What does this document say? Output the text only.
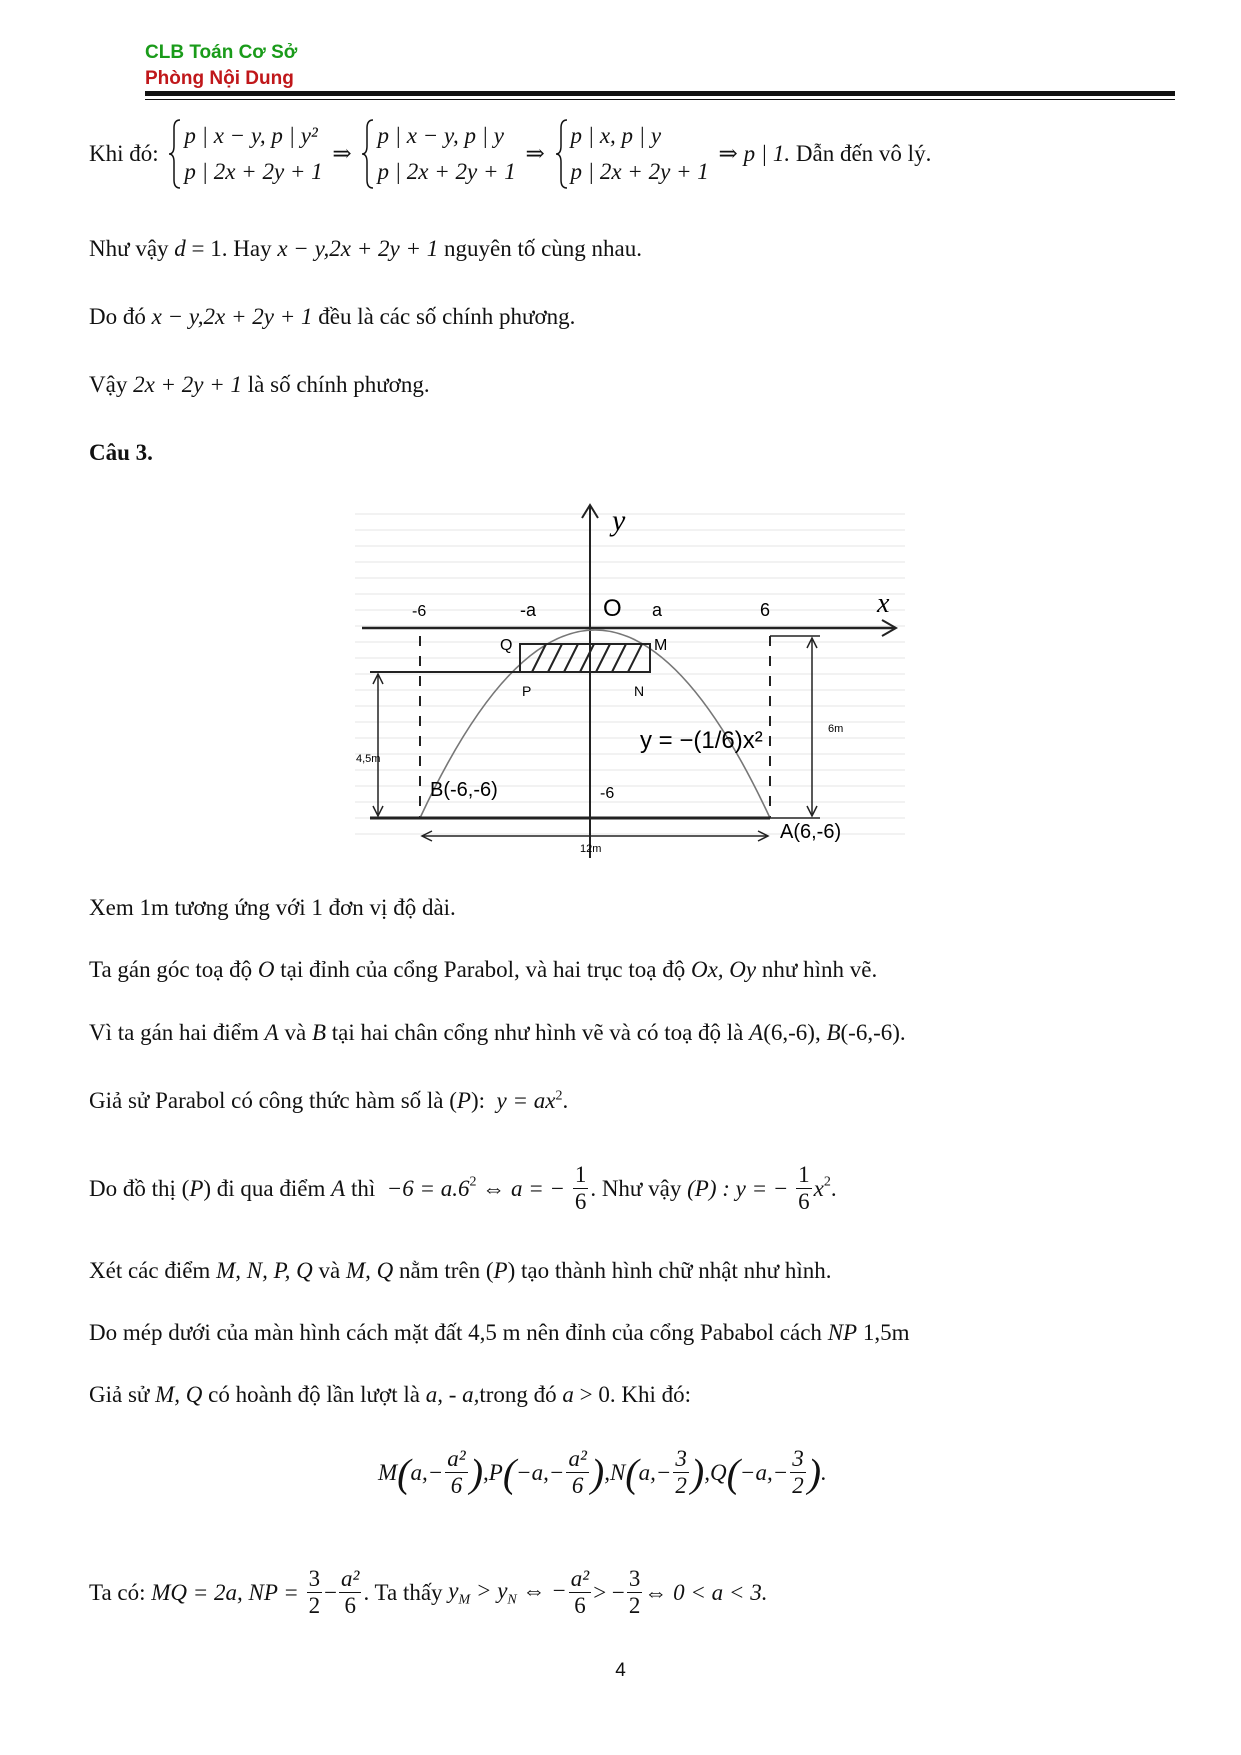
CLB Toán Cơ Sở
Phòng Nội Dung
Khi đó:
p | x − y, p | y²
p | 2x + 2y + 1
⇒
p | x − y, p | y
p | 2x + 2y + 1
⇒
p | x, p | y
p | 2x + 2y + 1
⇒ p | 1. Dẫn đến vô lý.
Như vậy d = 1. Hay x − y,2x + 2y + 1 nguyên tố cùng nhau.
Do đó x − y,2x + 2y + 1 đều là các số chính phương.
Vậy 2x + 2y + 1 là số chính phương.
Câu 3.
y
x
O
-6	-a	a	6
Q	M
P	N
4,5m
6m
12m
B(-6,-6)
A(6,-6)
-6
y = −(1/6)x²
Xem 1m tương ứng với 1 đơn vị độ dài.
Ta gán góc toạ độ O tại đỉnh của cổng Parabol, và hai trục toạ độ Ox, Oy như hình vẽ.
Vì ta gán hai điểm A và B tại hai chân cổng như hình vẽ và có toạ độ là A(6,-6), B(-6,-6).
Giả sử Parabol có công thức hàm số là (P): $y = ax^2$.
Do đồ thị (P) đi qua điểm A thì $-6 = a.6^2$ ⇔ a = − $\frac{1}{6}$ . Như vậy (P) : y = − $\frac{1}{6} x^2$.
Xét các điểm M, N, P, Q và M, Q nằm trên (P) tạo thành hình chữ nhật như hình.
Do mép dưới của màn hình cách mặt đất 4,5 m nên đỉnh của cổng Pababol cách NP 1,5m
Giả sử M, Q có hoành độ lần lượt là a, - a,trong đó a > 0. Khi đó:
$M(a,- \frac{\text{a²}}{6} ),P(-a,- \frac{\text{a²}}{6} ),N(a,- \frac{3}{2} ),Q(-a,- \frac{3}{2}$ ).
Ta có: MQ = 2a, NP = $\frac{3}{2} - \frac{\text{a²}}{6}$ . Ta thấy $y_M > y_N$ ⇔ − $\frac{\text{a²}}{6}$ > − $\frac{3}{2}$ ⇔ 0 < a < 3.
4
